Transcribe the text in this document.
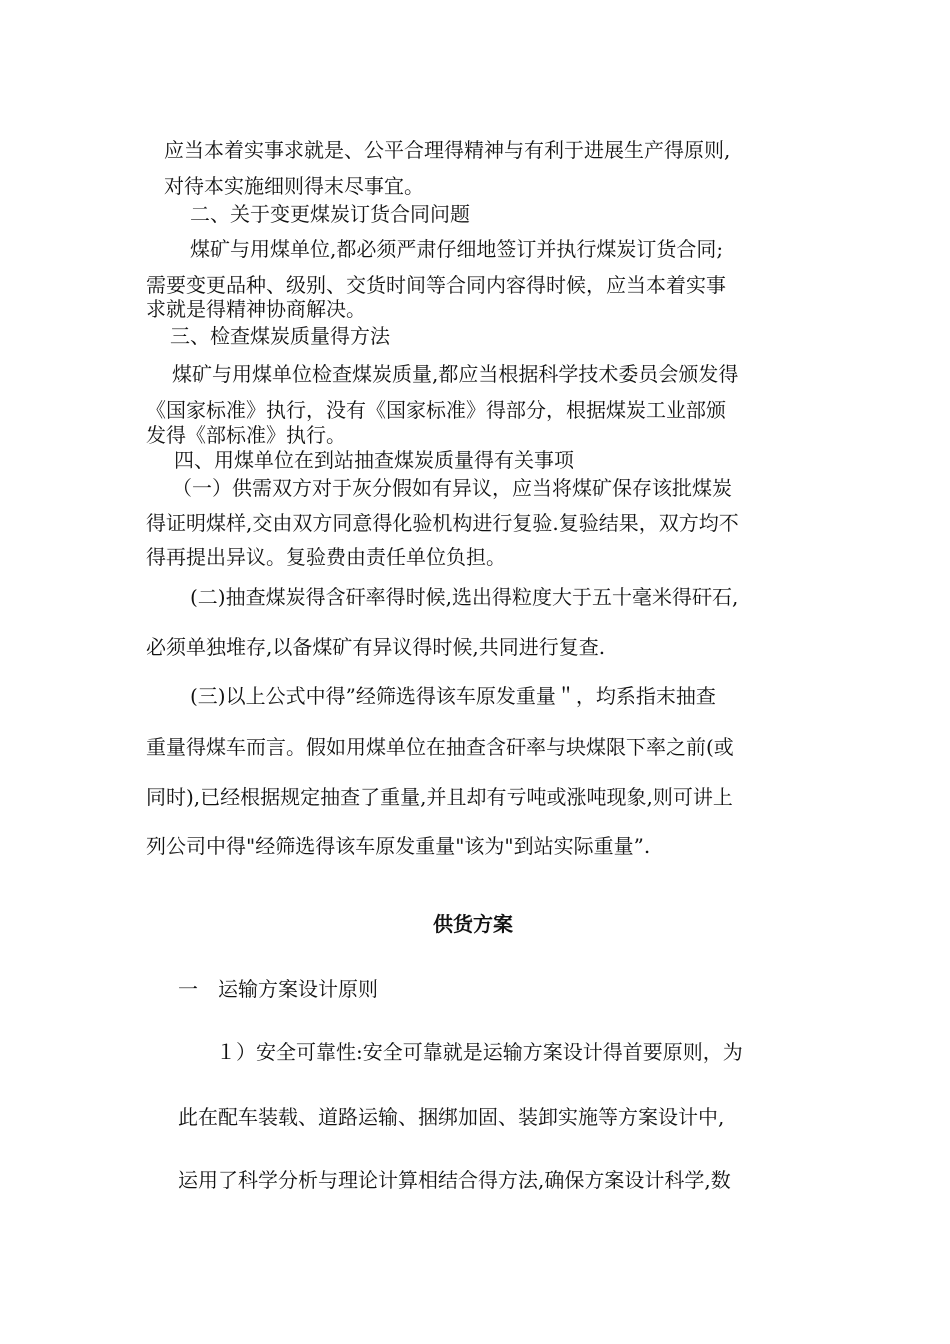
应当本着实事求就是、公平合理得精神与有利于进展生产得原则,

对待本实施细则得末尽事宜。

二、关于变更煤炭订货合同问题

煤矿与用煤单位,都必须严肃仔细地签订并执行煤炭订货合同;

需要变更品种、级别、交货时间等合同内容得时候，应当本着实事

求就是得精神协商解决。

三、检查煤炭质量得方法

煤矿与用煤单位检查煤炭质量,都应当根据科学技术委员会颁发得

《国家标准》执行，没有《国家标准》得部分，根据煤炭工业部颁

发得《部标准》执行。

四、用煤单位在到站抽查煤炭质量得有关事项

（一）供需双方对于灰分假如有异议，应当将煤矿保存该批煤炭

得证明煤样,交由双方同意得化验机构进行复验.复验结果，双方均不

得再提出异议。复验费由责任单位负担。

(二)抽查煤炭得含矸率得时候,选出得粒度大于五十毫米得矸石,

必须单独堆存,以备煤矿有异议得时候,共同进行复查.

(三)以上公式中得”经筛选得该车原发重量＂，均系指末抽查

重量得煤车而言。假如用煤单位在抽查含矸率与块煤限下率之前(或

同时),已经根据规定抽查了重量,并且却有亏吨或涨吨现象,则可讲上

列公司中得"经筛选得该车原发重量"该为"到站实际重量”.

供货方案

一　运输方案设计原则

１）安全可靠性:安全可靠就是运输方案设计得首要原则，为

此在配车装载、道路运输、捆绑加固、装卸实施等方案设计中,

运用了科学分析与理论计算相结合得方法,确保方案设计科学,数
